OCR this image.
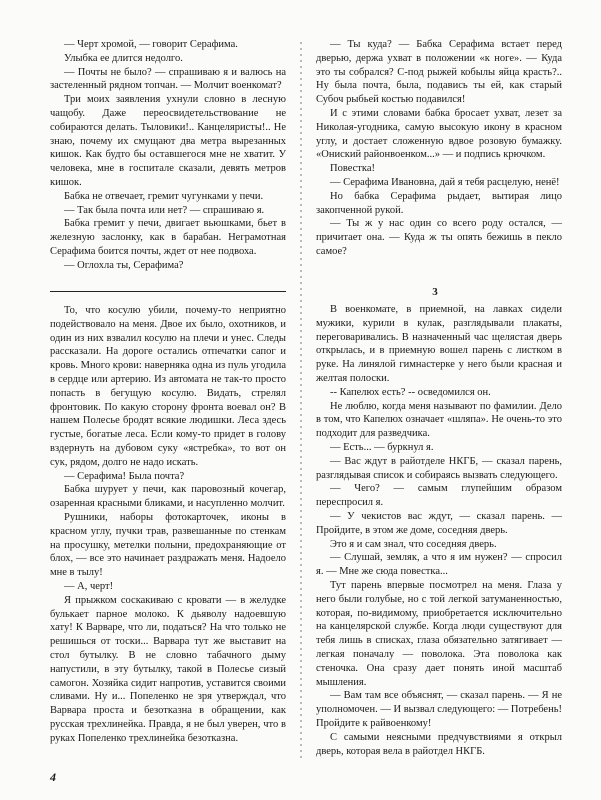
— Черт хромой, — говорит Серафима.

Улыбка ее длится недолго.

— Почты не было? — спрашиваю я и валюсь на застеленный рядном топчан. — Молчит военкомат?

Три моих заявления ухнули словно в лесную чащобу. Даже переосвидетельствование не собираются делать. Тыловики!.. Канцеляристы!.. Не знаю, почему их смущают два метра вырезанных кишок. Как будто бы оставшегося мне не хватит. У человека, мне в госпитале сказали, девять метров кишок.

Бабка не отвечает, гремит чугунками у печи.

— Так была почта или нет? — спрашиваю я.

Бабка гремит у печи, двигает вьюшками, бьет в железную заслонку, как в барабан. Неграмотная Серафима боится почты, ждет от нее подвоха.

— Оглохла ты, Серафима?

— Ты куда? — Бабка Серафима встает перед дверью, держа ухват в положении «к ноге». — Куда это ты собрался? С-под рыжей кобылы яйца красть?.. Ну была почта, была, подавись ты ей, как старый Субоч рыбьей костью подавился!

И с этими словами бабка бросает ухват, лезет за Николая-угодника, самую высокую икону в красном углу, и достает сложенную вдвое розовую бумажку. «Ониский районвоенком...» — и подпись крючком.

Повестка!

— Серафима Ивановна, дай я тебя расцелую, ненё!

Но бабка Серафима рыдает, вытирая лицо закопченной рукой.

— Ты ж у нас один со всего роду остался, — причитает она. — Куда ж ты опять бежишь в пекло самое?

3

То, что косулю убили, почему-то неприятно подействовало на меня. Двое их было, охотников, и один из них взвалил косулю на плечи и унес. Следы рассказали. На дороге остались отпечатки сапог и кровь. Много крови: наверняка одна из пуль угодила в сердце или артерию. Из автомата не так-то просто попасть в бегущую косулю. Видать, стрелял фронтовик. По какую сторону фронта воевал он? В нашем Полесье бродят всякие людишки. Леса здесь густые, богатые леса. Если кому-то придет в голову вздернуть на дубовом суку «ястребка», то вот он сук, рядом, долго не надо искать.

— Серафима! Была почта?

Бабка шурует у печи, как паровозный кочегар, озаренная красными бликами, и насупленно молчит.

Рушники, наборы фотокарточек, иконы в красном углу, пучки трав, развешанные по стенкам на просушку, метелки полыни, предохраняющие от блох, — все это начинает раздражать меня. Надоело мне в тылу!

— А, черт!

Я прыжком соскакиваю с кровати — в желудке булькает парное молоко. К дьяволу надоевшую хату! К Варваре, что ли, податься? На что только не решишься от тоски... Варвара тут же выставит на стол бутылку. В не словно табачного дыму напустили, в эту бутылку, такой в Полесье сизый самогон. Хозяйка сидит напротив, уставится своими сливами. Ну и... Попеленко не зря утверждал, что Варвара проста и безотказна в обращении, как русская трехлинейка. Правда, я не был уверен, что в руках Попеленко трехлинейка безотказна.

В военкомате, в приемной, на лавках сидели мужики, курили в кулак, разглядывали плакаты, переговаривались. В назначенный час щелястая дверь открылась, и в приемную вошел парень с листком в руке. На линялой гимнастерке у него были красная и желтая полоски.

-- Капелюх есть? -- осведомился он.

Не люблю, когда меня называют по фамилии. Дело в том, что Капелюх означает «шляпа». Не очень-то это подходит для разведчика.

— Есть... — буркнул я.

— Вас ждут в райотделе НКГБ, — сказал парень, разглядывая список и собираясь вызвать следующего.

— Чего? — самым глупейшим образом переспросил я.

— У чекистов вас ждут, — сказал парень. — Пройдите, в этом же доме, соседняя дверь.

Это я и сам знал, что соседняя дверь.

— Слушай, земляк, а что я им нужен? — спросил я. — Мне же сюда повестка...

Тут парень впервые посмотрел на меня. Глаза у него были голубые, но с той легкой затуманенностью, которая, по-видимому, приобретается исключительно на канцелярской службе. Когда люди существуют для тебя лишь в списках, глаза обязательно затягивает — легкая поначалу — поволока. Эта поволока как стеночка. Она сразу дает понять иной масштаб мышления.

— Вам там все объяснят, — сказал парень. — Я не уполномочен. — И вызвал следующего: — Потребень! Пройдите к райвоенкому!

С самыми неясными предчувствиями я открыл дверь, которая вела в райотдел НКГБ.

4
